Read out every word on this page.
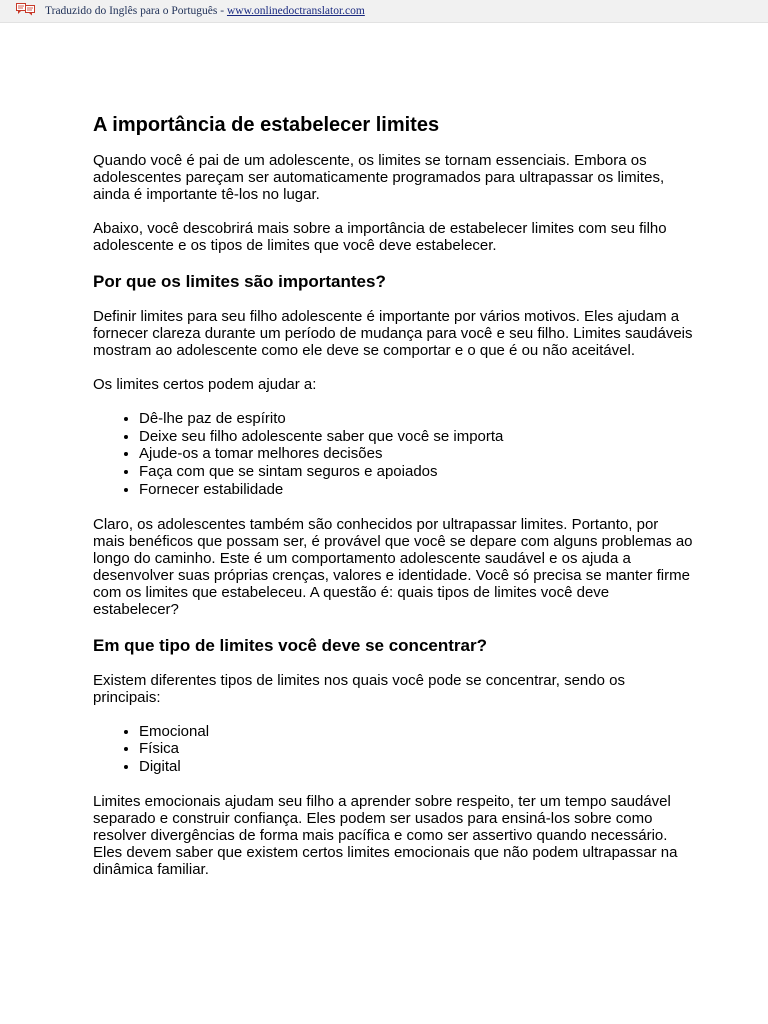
Traduzido do Inglês para o Português - www.onlinedoctranslator.com
A importância de estabelecer limites

Quando você é pai de um adolescente, os limites se tornam essenciais. Embora os adolescentes pareçam ser automaticamente programados para ultrapassar os limites, ainda é importante tê-los no lugar.

Abaixo, você descobrirá mais sobre a importância de estabelecer limites com seu filho adolescente e os tipos de limites que você deve estabelecer.

Por que os limites são importantes?

Definir limites para seu filho adolescente é importante por vários motivos. Eles ajudam a fornecer clareza durante um período de mudança para você e seu filho. Limites saudáveis mostram ao adolescente como ele deve se comportar e o que é ou não aceitável.

Os limites certos podem ajudar a:

• Dê-lhe paz de espírito
• Deixe seu filho adolescente saber que você se importa
• Ajude-os a tomar melhores decisões
• Faça com que se sintam seguros e apoiados
• Fornecer estabilidade

Claro, os adolescentes também são conhecidos por ultrapassar limites. Portanto, por mais benéficos que possam ser, é provável que você se depare com alguns problemas ao longo do caminho. Este é um comportamento adolescente saudável e os ajuda a desenvolver suas próprias crenças, valores e identidade. Você só precisa se manter firme com os limites que estabeleceu. A questão é: quais tipos de limites você deve estabelecer?

Em que tipo de limites você deve se concentrar?

Existem diferentes tipos de limites nos quais você pode se concentrar, sendo os principais:

• Emocional
• Física
• Digital

Limites emocionais ajudam seu filho a aprender sobre respeito, ter um tempo saudável separado e construir confiança. Eles podem ser usados para ensiná-los sobre como resolver divergências de forma mais pacífica e como ser assertivo quando necessário. Eles devem saber que existem certos limites emocionais que não podem ultrapassar na dinâmica familiar.
